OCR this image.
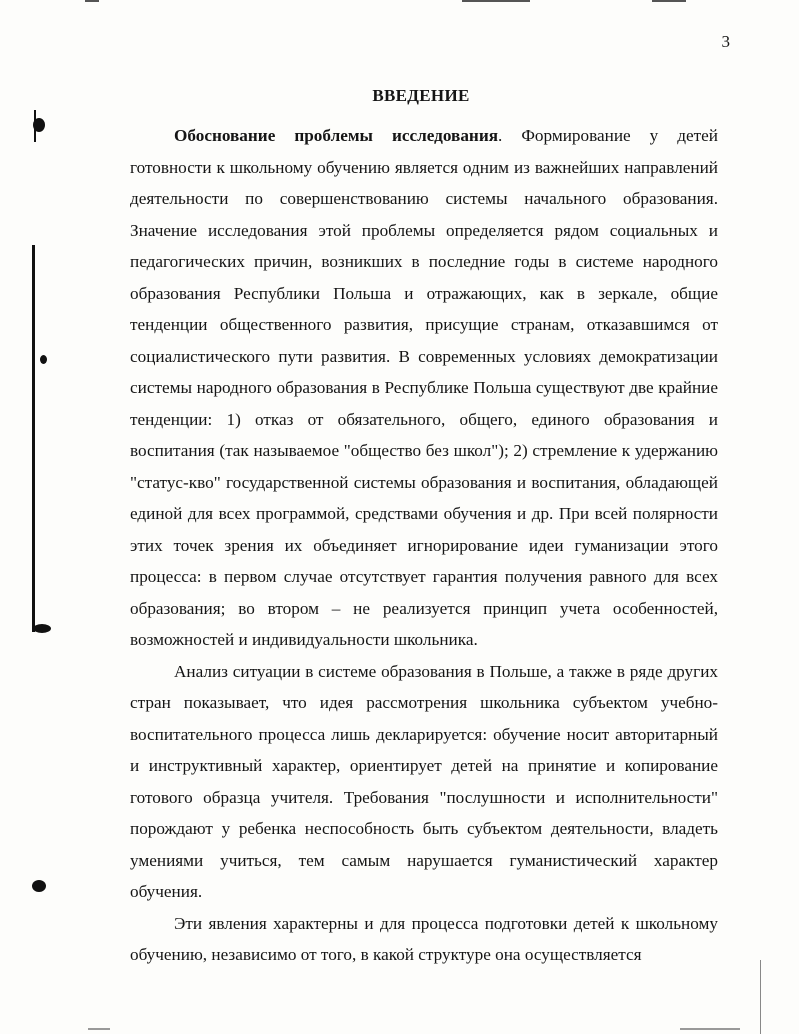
3
ВВЕДЕНИЕ

Обоснование проблемы исследования. Формирование у детей готовности к школьному обучению является одним из важнейших направлений деятельности по совершенствованию системы начального образования. Значение исследования этой проблемы определяется рядом социальных и педагогических причин, возникших в последние годы в системе народного образования Республики Польша и отражающих, как в зеркале, общие тенденции общественного развития, присущие странам, отказавшимся от социалистического пути развития. В современных условиях демократизации системы народного образования в Республике Польша существуют две крайние тенденции: 1) отказ от обязательного, общего, единого образования и воспитания (так называемое "общество без школ"); 2) стремление к удержанию "статус-кво" государственной системы образования и воспитания, обладающей единой для всех программой, средствами обучения и др. При всей полярности этих точек зрения их объединяет игнорирование идеи гуманизации этого процесса: в первом случае отсутствует гарантия получения равного для всех образования; во втором – не реализуется принцип учета особенностей, возможностей и индивидуальности школьника.

Анализ ситуации в системе образования в Польше, а также в ряде других стран показывает, что идея рассмотрения школьника субъектом учебно-воспитательного процесса лишь декларируется: обучение носит авторитарный и инструктивный характер, ориентирует детей на принятие и копирование готового образца учителя. Требования "послушности и исполнительности" порождают у ребенка неспособность быть субъектом деятельности, владеть умениями учиться, тем самым нарушается гуманистический характер обучения.

Эти явления характерны и для процесса подготовки детей к школьному обучению, независимо от того, в какой структуре она осуществляется
